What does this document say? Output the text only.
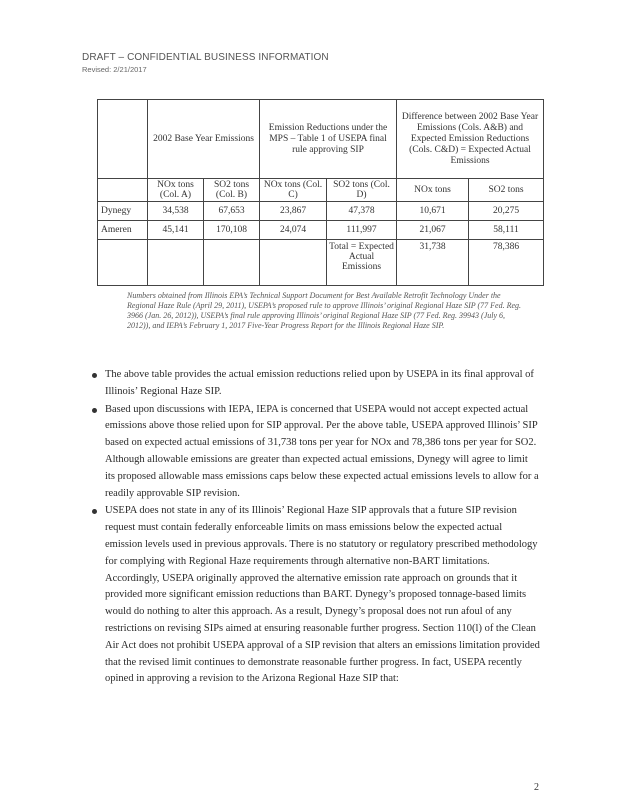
DRAFT – CONFIDENTIAL BUSINESS INFORMATION
Revised: 2/21/2017
	2002 Base Year Emissions		Emission Reductions under the MPS – Table 1 of USEPA final rule approving SIP		Difference between 2002 Base Year Emissions (Cols. A&B) and Expected Emission Reductions (Cols. C&D) = Expected Actual Emissions	
	NOx tons (Col. A)	SO2 tons (Col. B)	NOx tons (Col. C)	SO2 tons (Col. D)	NOx tons	SO2 tons
Dynegy	34,538	67,653	23,867	47,378	10,671	20,275
Ameren	45,141	170,108	24,074	111,997	21,067	58,111
				Total = Expected Actual Emissions	31,738	78,386
Numbers obtained from Illinois EPA’s Technical Support Document for Best Available Retrofit Technology Under the Regional Haze Rule (April 29, 2011), USEPA’s proposed rule to approve Illinois’ original Regional Haze SIP (77 Fed. Reg. 3966 (Jan. 26, 2012)), USEPA’s final rule approving Illinois’ original Regional Haze SIP (77 Fed. Reg. 39943 (July 6, 2012)), and IEPA’s February 1, 2017 Five-Year Progress Report for the Illinois Regional Haze SIP.
The above table provides the actual emission reductions relied upon by USEPA in its final approval of Illinois’ Regional Haze SIP.
Based upon discussions with IEPA, IEPA is concerned that USEPA would not accept expected actual emissions above those relied upon for SIP approval. Per the above table, USEPA approved Illinois’ SIP based on expected actual emissions of 31,738 tons per year for NOx and 78,386 tons per year for SO2. Although allowable emissions are greater than expected actual emissions, Dynegy will agree to limit its proposed allowable mass emissions caps below these expected actual emissions levels to allow for a readily approvable SIP revision.
USEPA does not state in any of its Illinois’ Regional Haze SIP approvals that a future SIP revision request must contain federally enforceable limits on mass emissions below the expected actual emission levels used in previous approvals. There is no statutory or regulatory prescribed methodology for complying with Regional Haze requirements through alternative non-BART limitations. Accordingly, USEPA originally approved the alternative emission rate approach on grounds that it provided more significant emission reductions than BART. Dynegy’s proposed tonnage-based limits would do nothing to alter this approach. As a result, Dynegy’s proposal does not run afoul of any restrictions on revising SIPs aimed at ensuring reasonable further progress. Section 110(l) of the Clean Air Act does not prohibit USEPA approval of a SIP revision that alters an emissions limitation provided that the revised limit continues to demonstrate reasonable further progress. In fact, USEPA recently opined in approving a revision to the Arizona Regional Haze SIP that:
2
